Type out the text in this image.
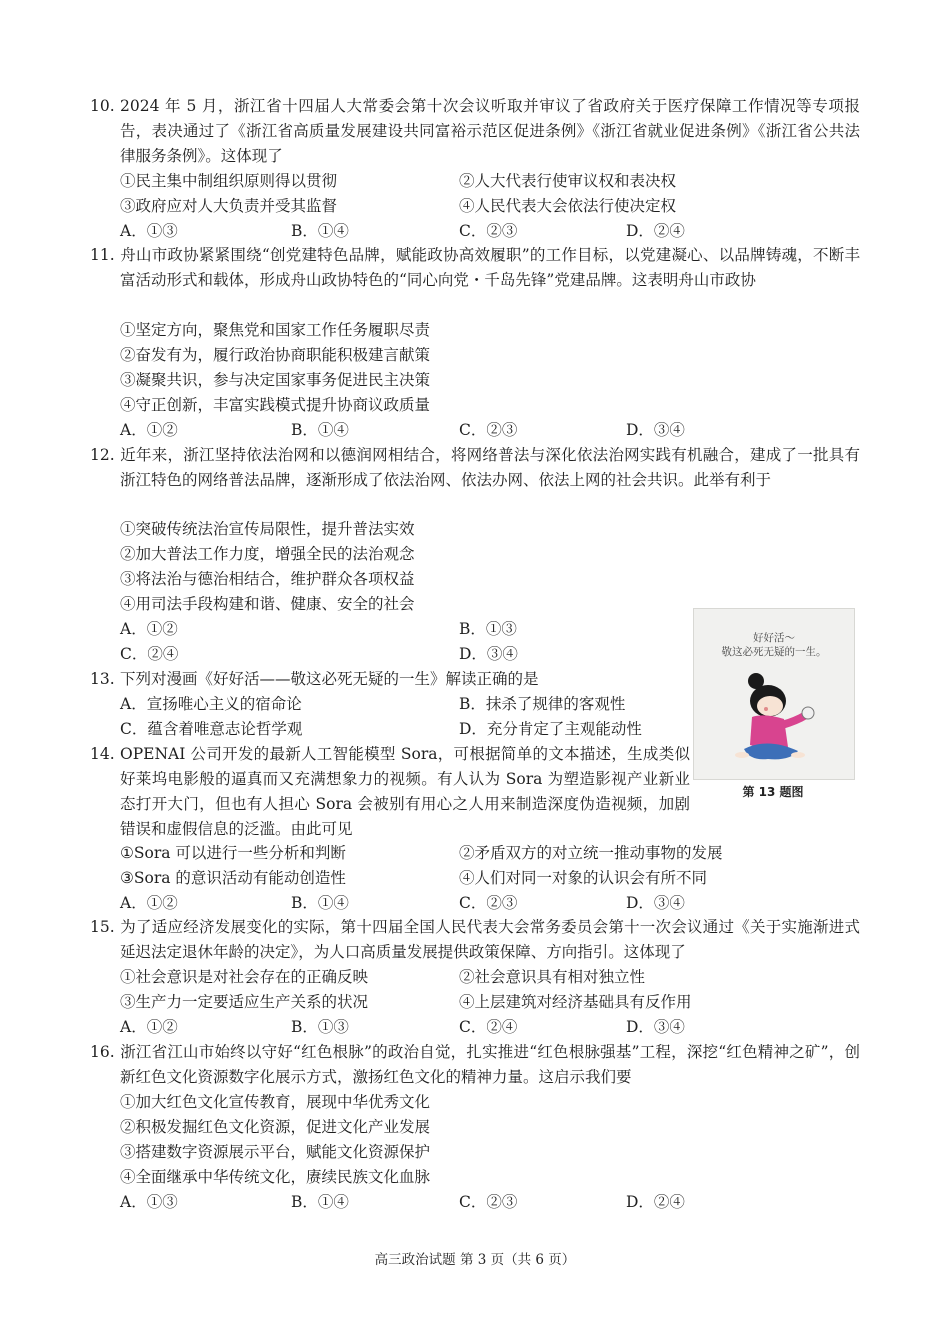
10. 2024 年 5 月，浙江省十四届人大常委会第十次会议听取并审议了省政府关于医疗保障工作情况等专项报告，表决通过了《浙江省高质量发展建设共同富裕示范区促进条例》《浙江省就业促进条例》《浙江省公共法律服务条例》。这体现了
①民主集中制组织原则得以贯彻	②人大代表行使审议权和表决权
③政府应对人大负责并受其监督	④人民代表大会依法行使决定权
A．①③	B．①④	C．②③	D．②④
11. 舟山市政协紧紧围绕“创党建特色品牌，赋能政协高效履职”的工作目标，以党建凝心、以品牌铸魂，不断丰富活动形式和载体，形成舟山政协特色的“同心向党・千岛先锋”党建品牌。这表明舟山市政协
①坚定方向，聚焦党和国家工作任务履职尽责
②奋发有为，履行政治协商职能积极建言献策
③凝聚共识，参与决定国家事务促进民主决策
④守正创新，丰富实践模式提升协商议政质量
A．①②	B．①④	C．②③	D．③④
12. 近年来，浙江坚持依法治网和以德润网相结合，将网络普法与深化依法治网实践有机融合，建成了一批具有浙江特色的网络普法品牌，逐渐形成了依法治网、依法办网、依法上网的社会共识。此举有利于
①突破传统法治宣传局限性，提升普法实效
②加大普法工作力度，增强全民的法治观念
③将法治与德治相结合，维护群众各项权益
④用司法手段构建和谐、健康、安全的社会
A．①②	B．①③
C．②④	D．③④
13. 下列对漫画《好好活——敬这必死无疑的一生》解读正确的是
A．宣扬唯心主义的宿命论	B．抹杀了规律的客观性
C．蕴含着唯意志论哲学观	D．充分肯定了主观能动性
14. OPENAI 公司开发的最新人工智能模型 Sora，可根据简单的文本描述，生成类似好莱坞电影般的逼真而又充满想象力的视频。有人认为 Sora 为塑造影视产业新业态打开大门，但也有人担心 Sora 会被别有用心之人用来制造深度伪造视频，加剧错误和虚假信息的泛滥。由此可见
①Sora 可以进行一些分析和判断	②矛盾双方的对立统一推动事物的发展
③Sora 的意识活动有能动创造性	④人们对同一对象的认识会有所不同
A．①②	B．①④	C．②③	D．③④
15. 为了适应经济发展变化的实际，第十四届全国人民代表大会常务委员会第十一次会议通过《关于实施渐进式延迟法定退休年龄的决定》，为人口高质量发展提供政策保障、方向指引。这体现了
①社会意识是对社会存在的正确反映	②社会意识具有相对独立性
③生产力一定要适应生产关系的状况	④上层建筑对经济基础具有反作用
A．①②	B．①③	C．②④	D．③④
16. 浙江省江山市始终以守好“红色根脉”的政治自觉，扎实推进“红色根脉强基”工程，深挖“红色精神之矿”，创新红色文化资源数字化展示方式，激扬红色文化的精神力量。这启示我们要
①加大红色文化宣传教育，展现中华优秀文化
②积极发掘红色文化资源，促进文化产业发展
③搭建数字资源展示平台，赋能文化资源保护
④全面继承中华传统文化，赓续民族文化血脉
A．①③	B．①④	C．②③	D．②④
好好活～
敬这必死无疑的一生。
第 13 题图
高三政治试题 第 3 页（共 6 页）
